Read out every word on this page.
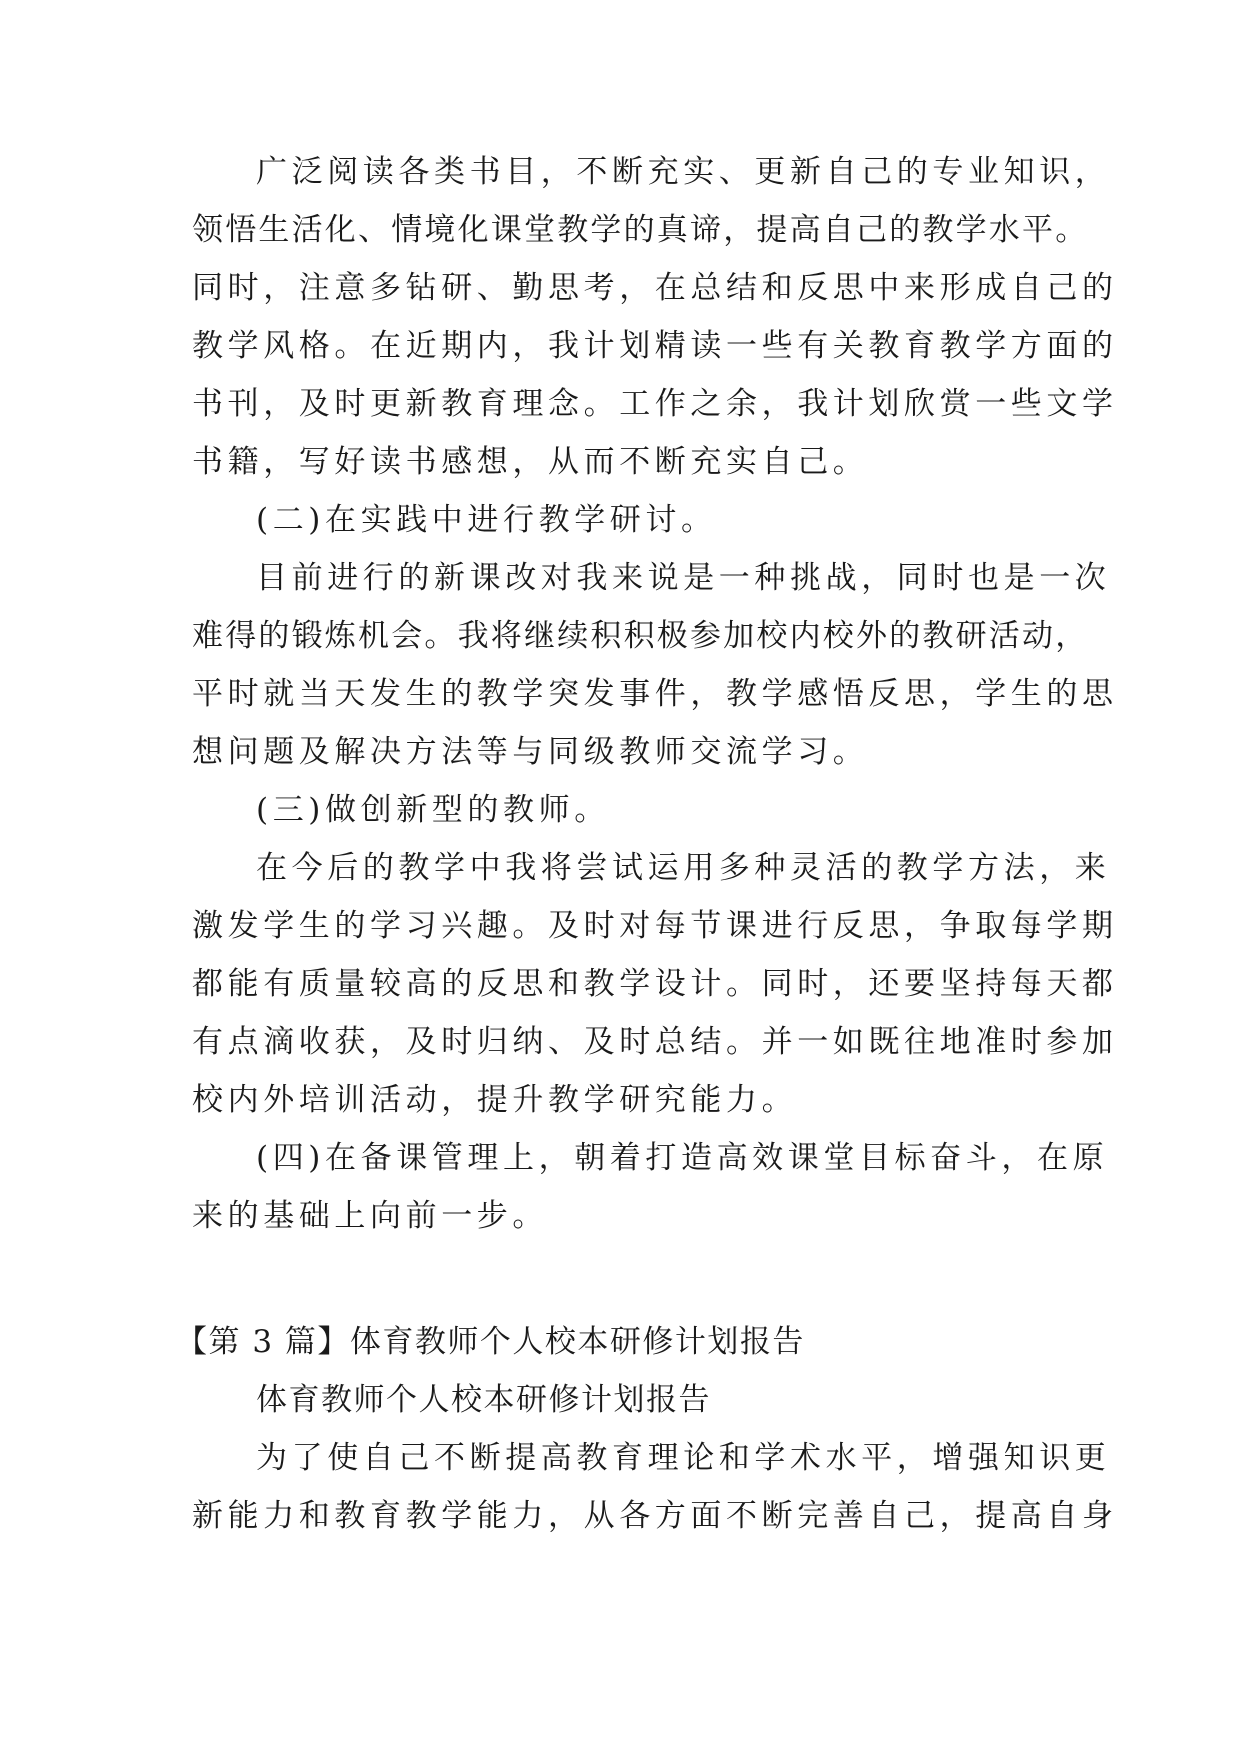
广泛阅读各类书目，不断充实、更新自己的专业知识，
领悟生活化、情境化课堂教学的真谛，提高自己的教学水平。
同时，注意多钻研、勤思考，在总结和反思中来形成自己的
教学风格。在近期内，我计划精读一些有关教育教学方面的
书刊，及时更新教育理念。工作之余，我计划欣赏一些文学
书籍，写好读书感想，从而不断充实自己。
(二)在实践中进行教学研讨。
目前进行的新课改对我来说是一种挑战，同时也是一次
难得的锻炼机会。我将继续积积极参加校内校外的教研活动，
平时就当天发生的教学突发事件，教学感悟反思，学生的思
想问题及解决方法等与同级教师交流学习。
(三)做创新型的教师。
在今后的教学中我将尝试运用多种灵活的教学方法，来
激发学生的学习兴趣。及时对每节课进行反思，争取每学期
都能有质量较高的反思和教学设计。同时，还要坚持每天都
有点滴收获，及时归纳、及时总结。并一如既往地准时参加
校内外培训活动，提升教学研究能力。
(四)在备课管理上，朝着打造高效课堂目标奋斗，在原
来的基础上向前一步。
【第 3 篇】体育教师个人校本研修计划报告
体育教师个人校本研修计划报告
为了使自己不断提高教育理论和学术水平，增强知识更
新能力和教育教学能力，从各方面不断完善自己，提高自身
